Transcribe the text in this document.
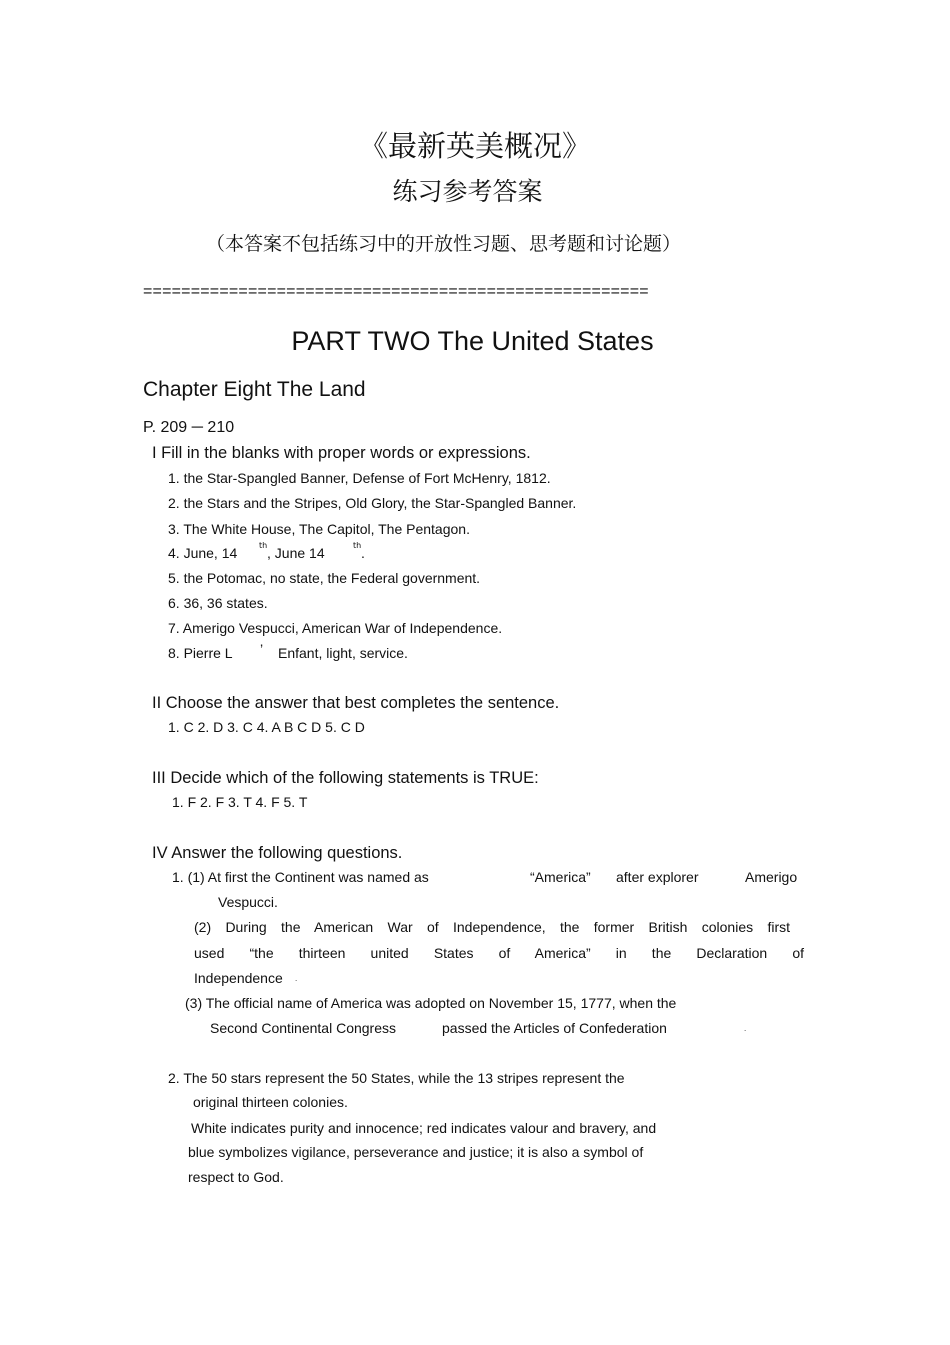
《最新英美概况》
练习参考答案
（本答案不包括练习中的开放性习题、思考题和讨论题）
=====================================================
PART TWO The United States
Chapter Eight The Land
P. 209 ─ 210
I Fill in the blanks with proper words or expressions.
1. the Star-Spangled Banner, Defense of Fort McHenry, 1812.
2. the Stars and the Stripes, Old Glory, the Star-Spangled Banner.
3. The White House, The Capitol, The Pentagon.
4. June, 14	th , June 14	th .
5. the Potomac, no state, the Federal government.
6. 36, 36 states.
7. Amerigo Vespucci, American War of Independence.
8. Pierre L ’ Enfant, light, service.
II Choose the answer that best completes the sentence.
1. C 2. D 3. C 4. A B C D 5. C D
III Decide which of the following statements is TRUE:
1. F 2. F 3. T 4. F 5. T
IV Answer the following questions.
1. (1) At first the Continent was named as	“America” after explorer	Amerigo
Vespucci.
(2) During the American War of Independence, the former British colonies first
used “the thirteen united States of America” in the Declaration of
Independence .
(3) The official name of America was adopted on November 15, 1777, when the
Second Continental Congress	passed the Articles of Confederation	.
2. The 50 stars represent the 50 States, while the 13 stripes represent the
original thirteen colonies.
White indicates purity and innocence; red indicates valour and bravery, and
blue symbolizes vigilance, perseverance and justice; it is also a symbol of
respect to God.
